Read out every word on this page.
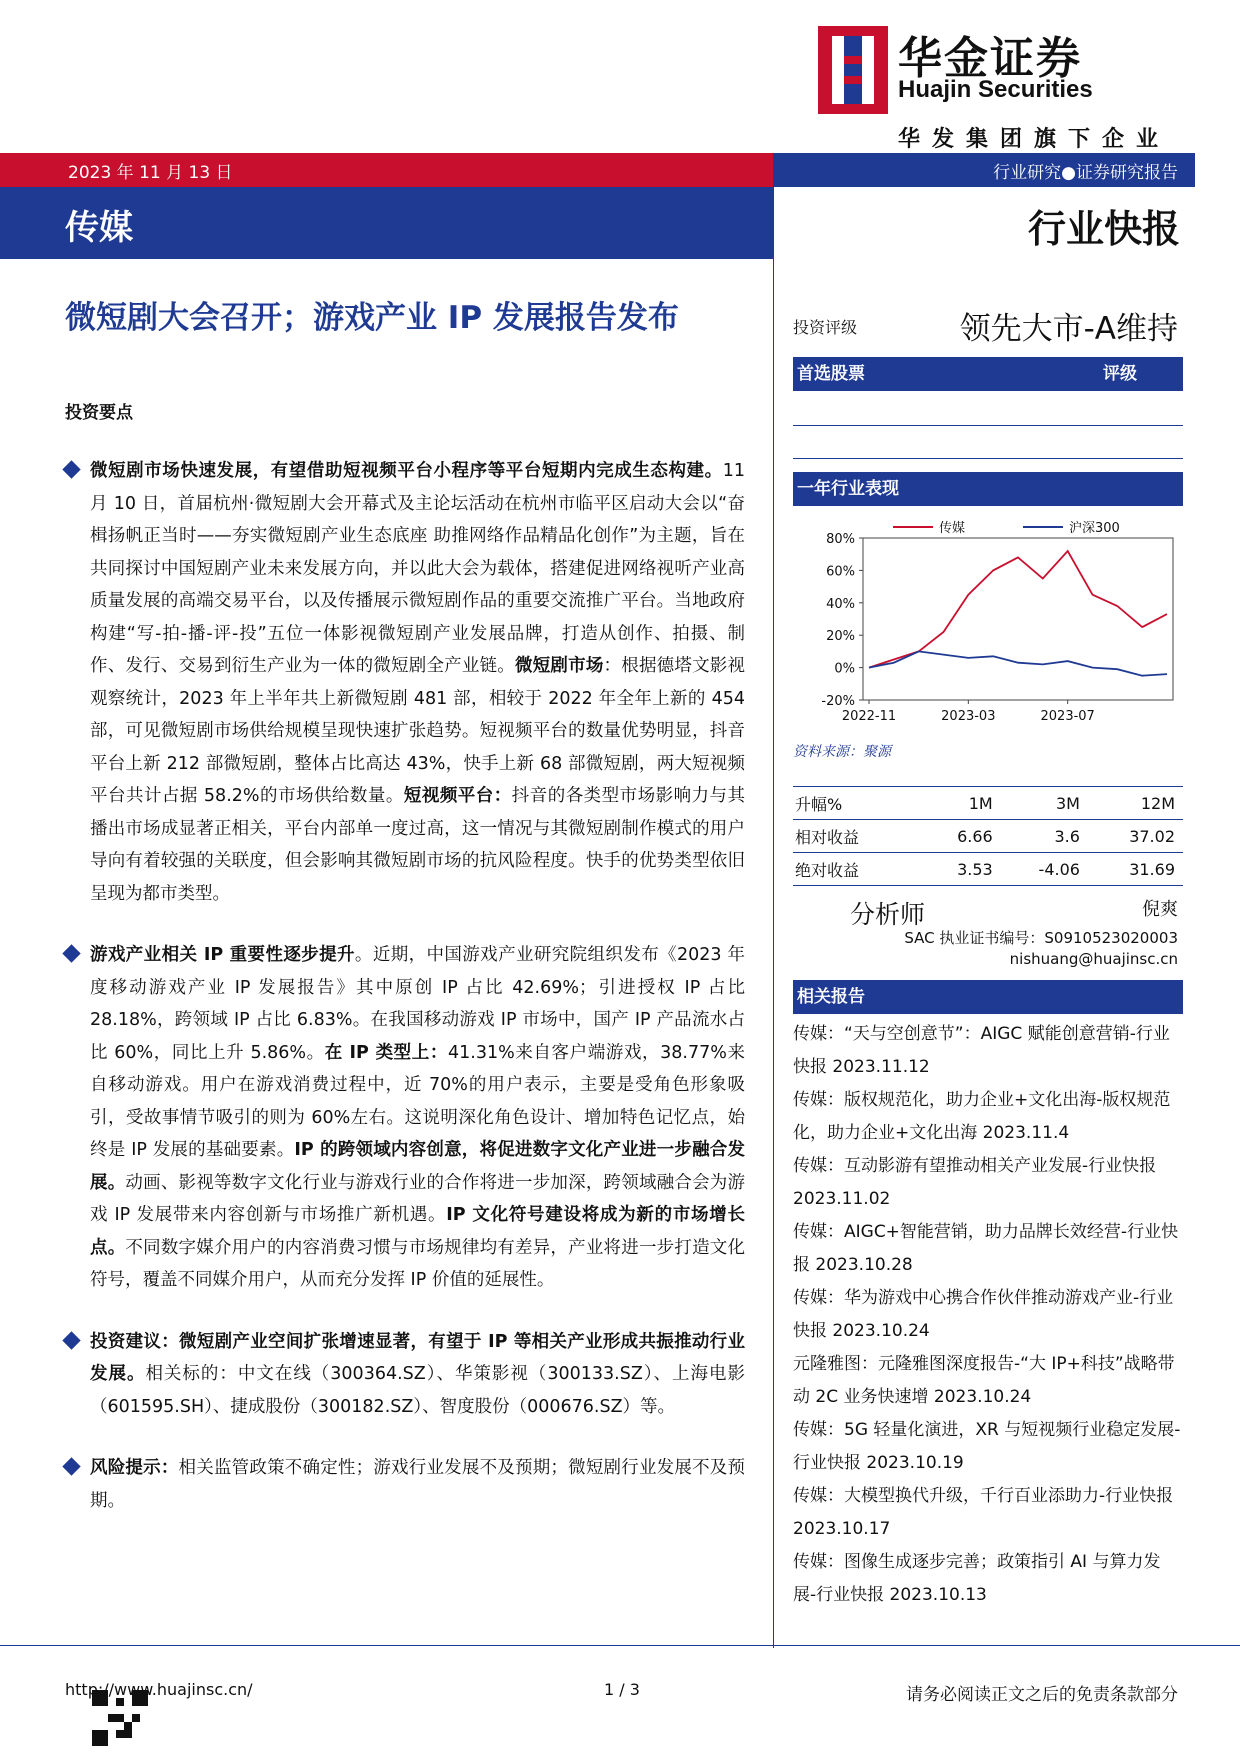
华金证券
Huajin Securities
华发集团旗下企业
2023 年 11 月 13 日	行业研究●证券研究报告
传媒	行业快报
微短剧大会召开；游戏产业 IP 发展报告发布
投资要点
微短剧市场快速发展，有望借助短视频平台小程序等平台短期内完成生态构建。11 月 10 日，首届杭州·微短剧大会开幕式及主论坛活动在杭州市临平区启动大会以“奋楫扬帆正当时——夯实微短剧产业生态底座 助推网络作品精品化创作”为主题，旨在共同探讨中国短剧产业未来发展方向，并以此大会为载体，搭建促进网络视听产业高质量发展的高端交易平台，以及传播展示微短剧作品的重要交流推广平台。当地政府构建“写-拍-播-评-投”五位一体影视微短剧产业发展品牌，打造从创作、拍摄、制作、发行、交易到衍生产业为一体的微短剧全产业链。微短剧市场：根据德塔文影视观察统计，2023 年上半年共上新微短剧 481 部，相较于 2022 年全年上新的 454 部，可见微短剧市场供给规模呈现快速扩张趋势。短视频平台的数量优势明显，抖音平台上新 212 部微短剧，整体占比高达 43%，快手上新 68 部微短剧，两大短视频平台共计占据 58.2%的市场供给数量。短视频平台：抖音的各类型市场影响力与其播出市场成显著正相关，平台内部单一度过高，这一情况与其微短剧制作模式的用户导向有着较强的关联度，但会影响其微短剧市场的抗风险程度。快手的优势类型依旧呈现为都市类型。
游戏产业相关 IP 重要性逐步提升。近期，中国游戏产业研究院组织发布《2023 年度移动游戏产业 IP 发展报告》其中原创 IP 占比 42.69%；引进授权 IP 占比 28.18%，跨领域 IP 占比 6.83%。在我国移动游戏 IP 市场中，国产 IP 产品流水占比 60%，同比上升 5.86%。在 IP 类型上：41.31%来自客户端游戏，38.77%来自移动游戏。用户在游戏消费过程中，近 70%的用户表示，主要是受角色形象吸引，受故事情节吸引的则为 60%左右。这说明深化角色设计、增加特色记忆点，始终是 IP 发展的基础要素。IP 的跨领域内容创意，将促进数字文化产业进一步融合发展。动画、影视等数字文化行业与游戏行业的合作将进一步加深，跨领域融合会为游戏 IP 发展带来内容创新与市场推广新机遇。IP 文化符号建设将成为新的市场增长点。不同数字媒介用户的内容消费习惯与市场规律均有差异，产业将进一步打造文化符号，覆盖不同媒介用户，从而充分发挥 IP 价值的延展性。
投资建议：微短剧产业空间扩张增速显著，有望于 IP 等相关产业形成共振推动行业发展。相关标的：中文在线（300364.SZ）、华策影视（300133.SZ）、上海电影（601595.SH）、捷成股份（300182.SZ）、智度股份（000676.SZ）等。
风险提示：相关监管政策不确定性；游戏行业发展不及预期；微短剧行业发展不及预期。
投资评级	领先大市-A维持
首选股票	评级
一年行业表现
80%
60%
40%
20%
0%
-20%
2022-11	2023-03	2023-07
传媒	沪深300
资料来源：聚源
升幅%	1M	3M	12M
相对收益	6.66	3.6	37.02
绝对收益	3.53	-4.06	31.69
分析师	倪爽
SAC 执业证书编号：S0910523020003
nishuang@huajinsc.cn
相关报告
传媒：“天与空创意节”：AIGC 赋能创意营销-行业快报 2023.11.12
传媒：版权规范化，助力企业+文化出海-版权规范化，助力企业+文化出海 2023.11.4
传媒：互动影游有望推动相关产业发展-行业快报 2023.11.02
传媒：AIGC+智能营销，助力品牌长效经营-行业快报 2023.10.28
传媒：华为游戏中心携合作伙伴推动游戏产业-行业快报 2023.10.24
元隆雅图：元隆雅图深度报告-“大 IP+科技”战略带动 2C 业务快速增 2023.10.24
传媒：5G 轻量化演进，XR 与短视频行业稳定发展-行业快报 2023.10.19
传媒：大模型换代升级，千行百业添助力-行业快报 2023.10.17
传媒：图像生成逐步完善；政策指引 AI 与算力发展-行业快报 2023.10.13
http://www.huajinsc.cn/	1 / 3	请务必阅读正文之后的免责条款部分
